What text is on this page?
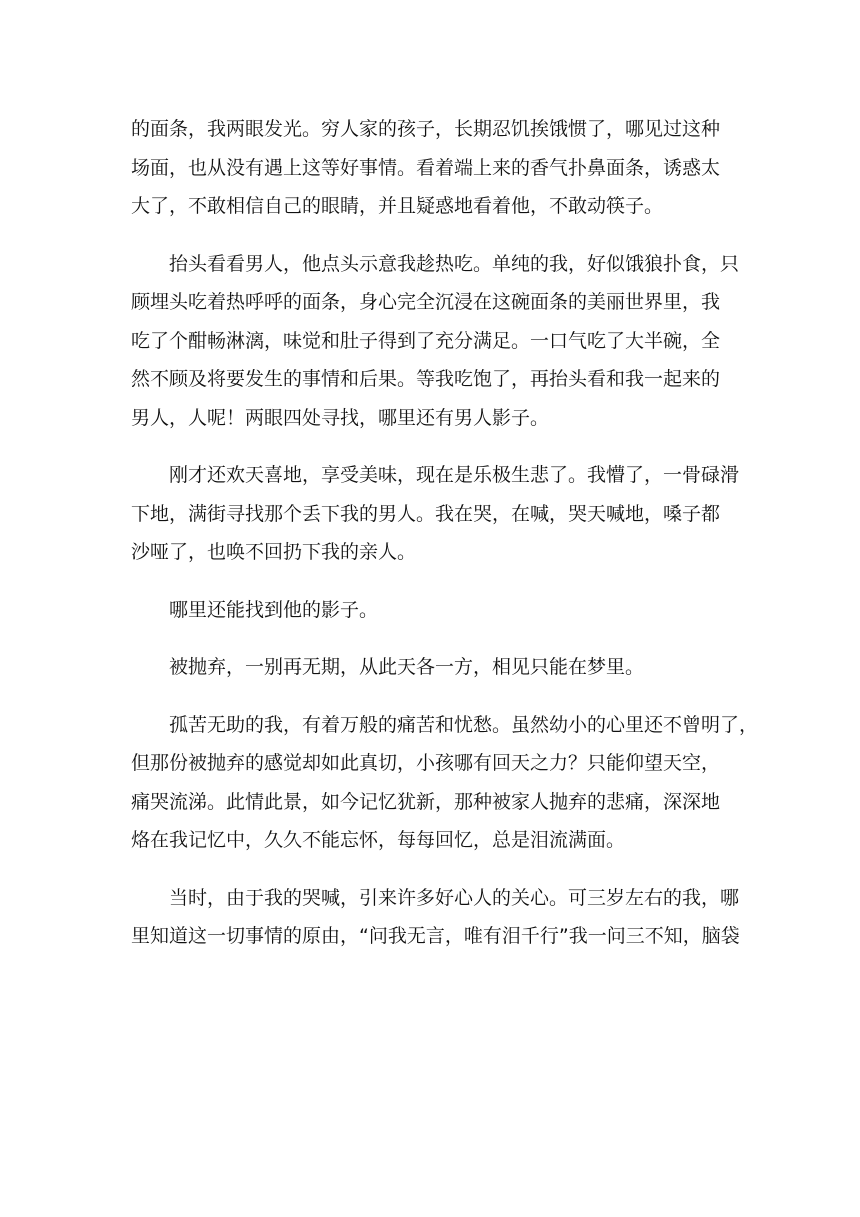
的面条，我两眼发光。穷人家的孩子，长期忍饥挨饿惯了，哪见过这种
场面，也从没有遇上这等好事情。看着端上来的香气扑鼻面条，诱惑太
大了，不敢相信自己的眼睛，并且疑惑地看着他，不敢动筷子。

抬头看看男人，他点头示意我趁热吃。单纯的我，好似饿狼扑食，只
顾埋头吃着热呼呼的面条，身心完全沉浸在这碗面条的美丽世界里，我
吃了个酣畅淋漓，味觉和肚子得到了充分满足。一口气吃了大半碗，全
然不顾及将要发生的事情和后果。等我吃饱了，再抬头看和我一起来的
男人，人呢！两眼四处寻找，哪里还有男人影子。

刚才还欢天喜地，享受美味，现在是乐极生悲了。我懵了，一骨碌滑
下地，满街寻找那个丢下我的男人。我在哭，在喊，哭天喊地，嗓子都
沙哑了，也唤不回扔下我的亲人。

哪里还能找到他的影子。

被抛弃，一别再无期，从此天各一方，相见只能在梦里。

孤苦无助的我，有着万般的痛苦和忧愁。虽然幼小的心里还不曾明了，
但那份被抛弃的感觉却如此真切，小孩哪有回天之力？只能仰望天空，
痛哭流涕。此情此景，如今记忆犹新，那种被家人抛弃的悲痛，深深地
烙在我记忆中，久久不能忘怀，每每回忆，总是泪流满面。

当时，由于我的哭喊，引来许多好心人的关心。可三岁左右的我，哪
里知道这一切事情的原由，“问我无言，唯有泪千行”我一问三不知，脑袋
